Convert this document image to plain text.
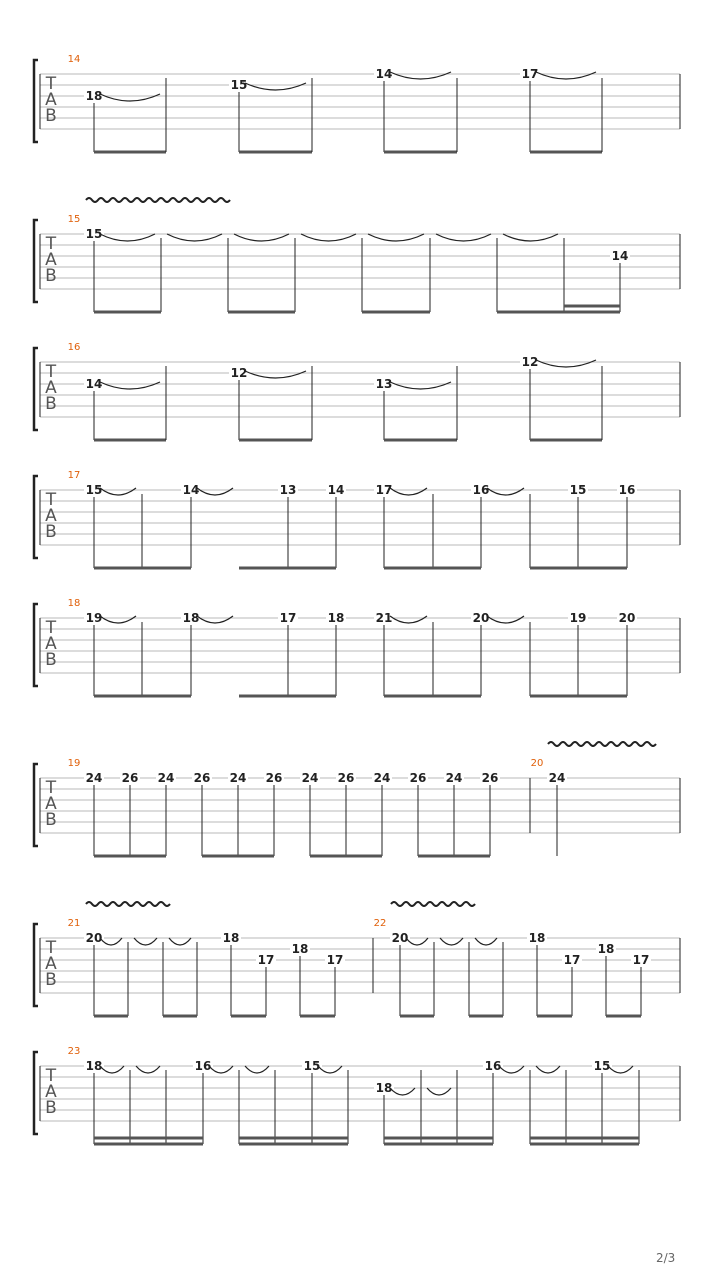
T
A
B
14
18
15
14	17
T
A
B
15
15
14
T
A
B
16
14
12
13
12
T
A
B
17
15	14	13	14	17	16	15	16
T
A
B
18
19	18	17	18	21	20	19	20
T
A
B
19	20
24 26 24 26 24 26 24 26 24 26 24 26	24
T
A
B
21	22
20	18
17
18
17
20	18
17
18
17
T
A
B
23
18	16	15
18
16	15
2/3
